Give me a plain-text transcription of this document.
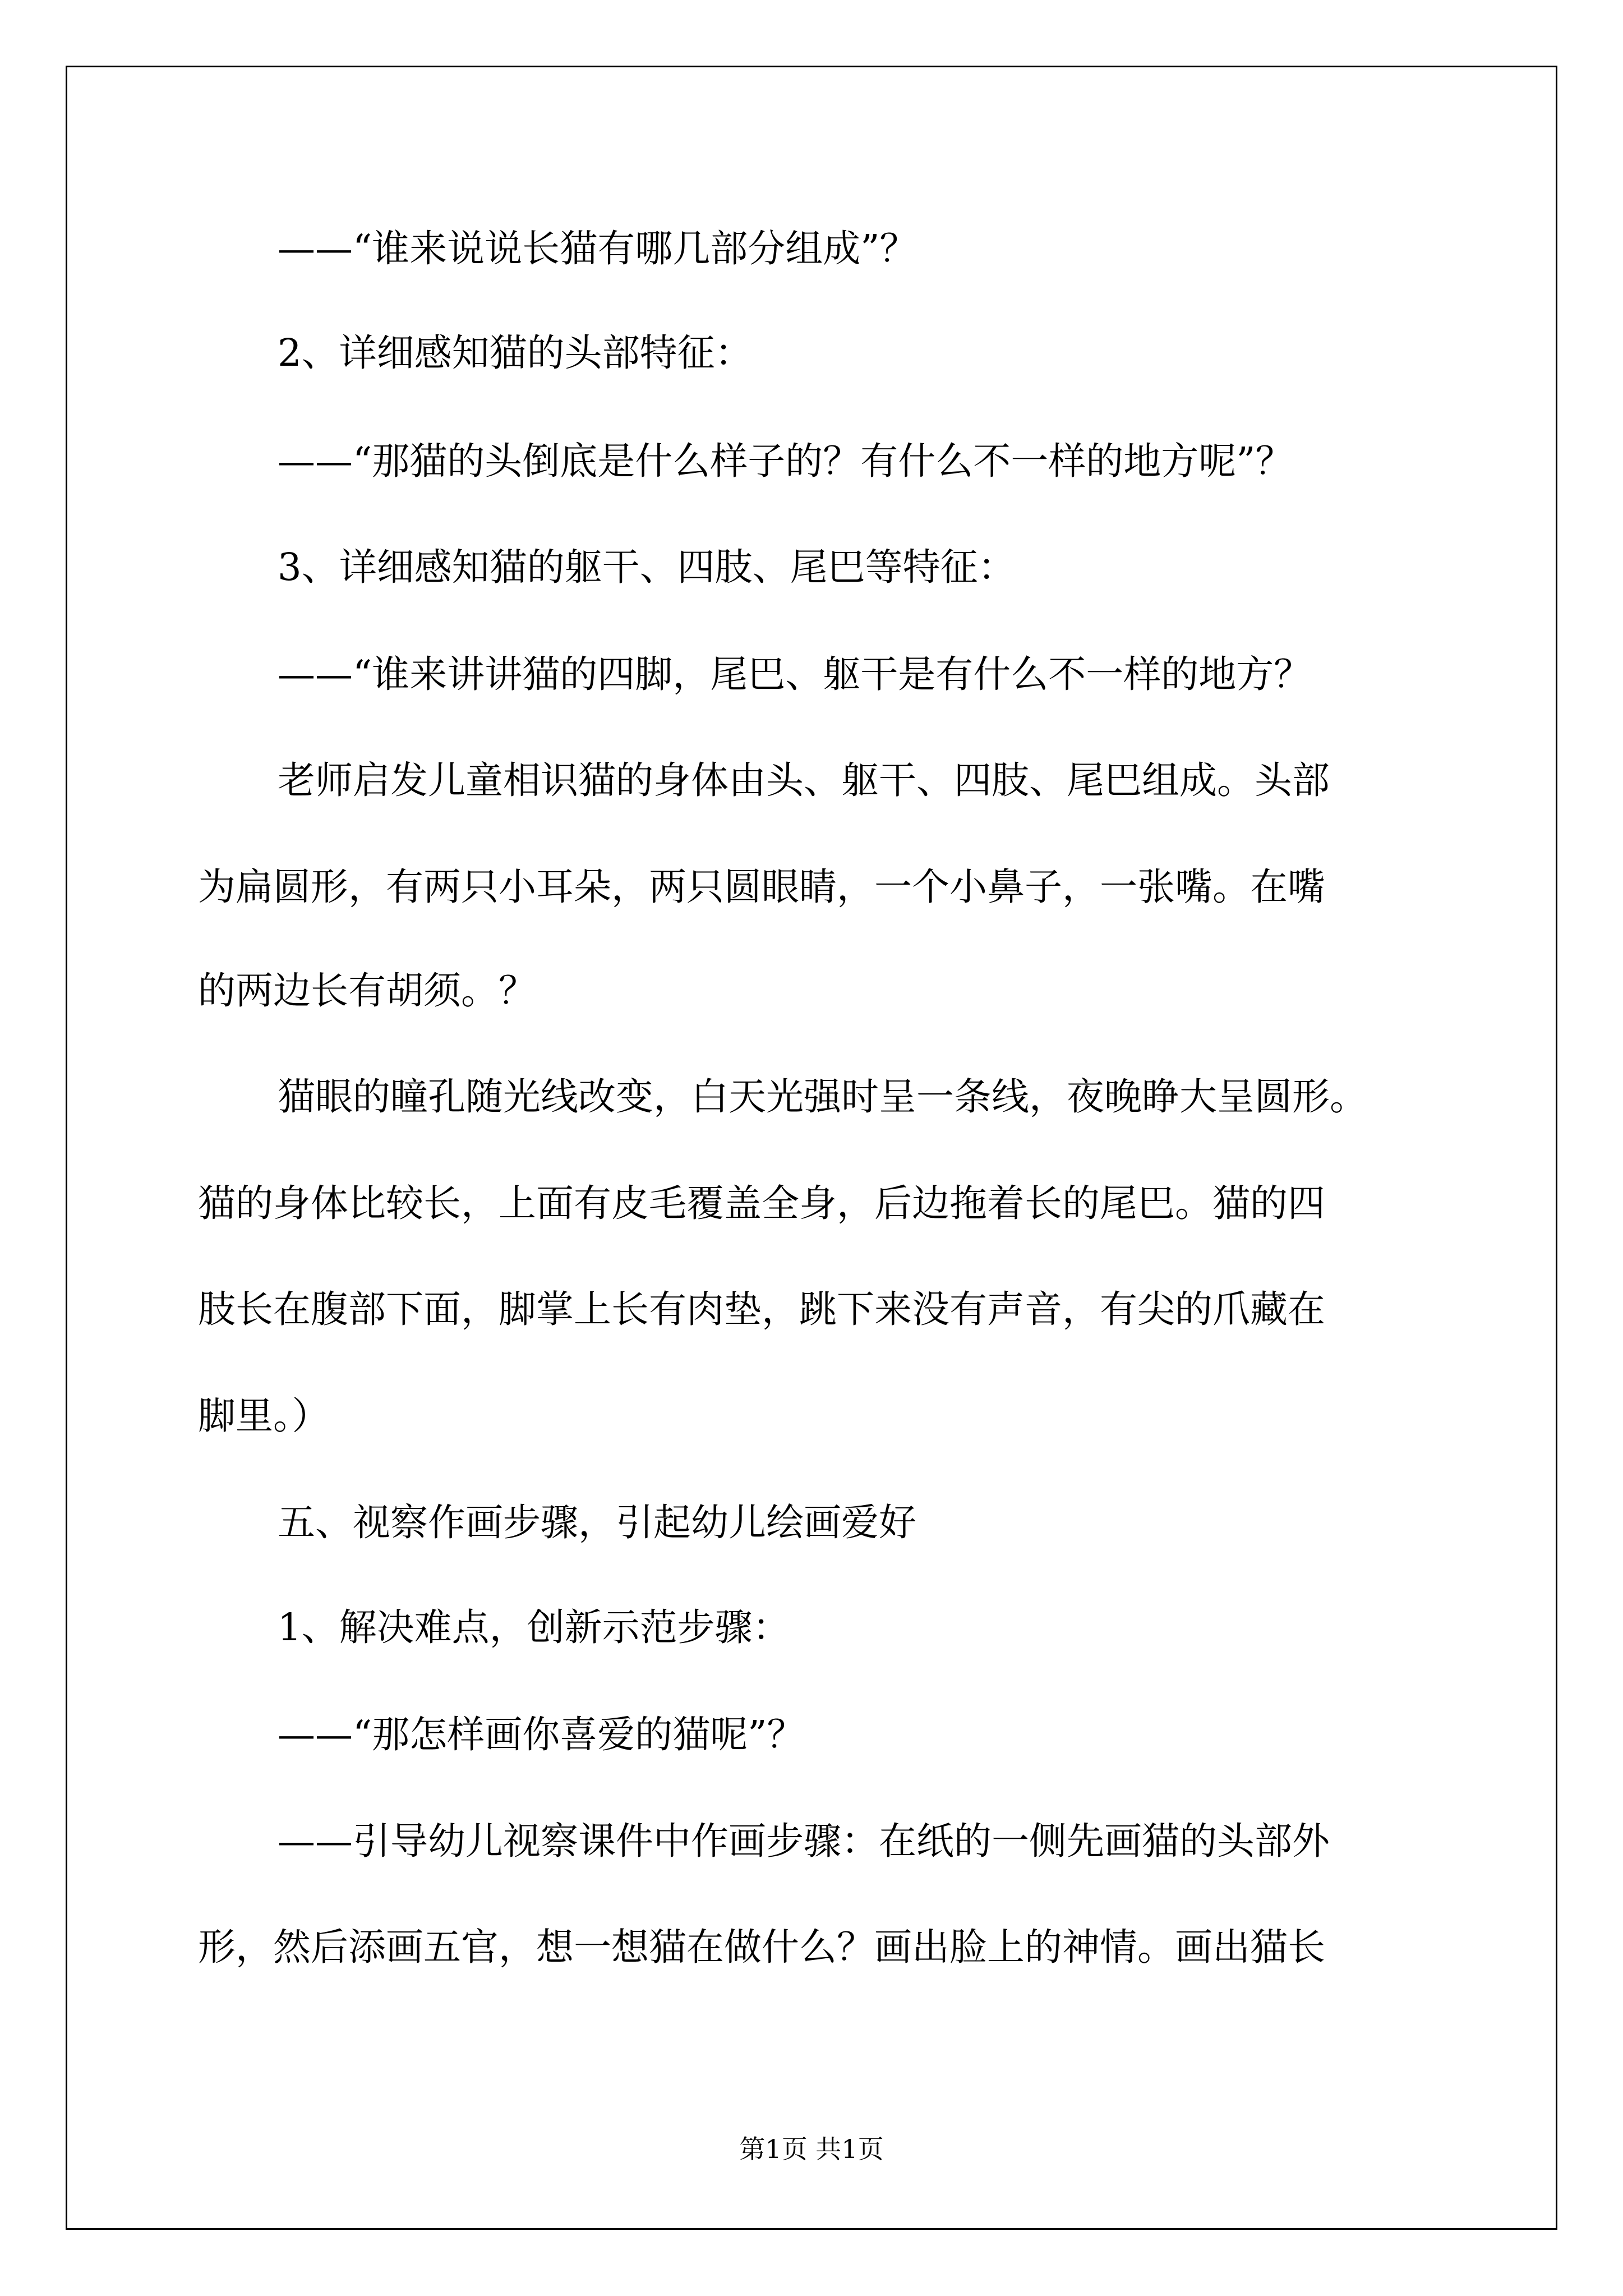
——“谁来说说长猫有哪几部分组成”？
2、详细感知猫的头部特征：
——“那猫的头倒底是什么样子的？有什么不一样的地方呢”？
3、详细感知猫的躯干、四肢、尾巴等特征：
——“谁来讲讲猫的四脚，尾巴、躯干是有什么不一样的地方？
老师启发儿童相识猫的身体由头、躯干、四肢、尾巴组成。头部
为扁圆形，有两只小耳朵，两只圆眼睛，一个小鼻子，一张嘴。在嘴
的两边长有胡须。？
猫眼的瞳孔随光线改变，白天光强时呈一条线，夜晚睁大呈圆形。
猫的身体比较长，上面有皮毛覆盖全身，后边拖着长的尾巴。猫的四
肢长在腹部下面，脚掌上长有肉垫，跳下来没有声音，有尖的爪藏在
脚里。）
五、视察作画步骤，引起幼儿绘画爱好
1、解决难点，创新示范步骤：
——“那怎样画你喜爱的猫呢”？
——引导幼儿视察课件中作画步骤：在纸的一侧先画猫的头部外
形，然后添画五官，想一想猫在做什么？画出脸上的神情。画出猫长
第1页 共1页
